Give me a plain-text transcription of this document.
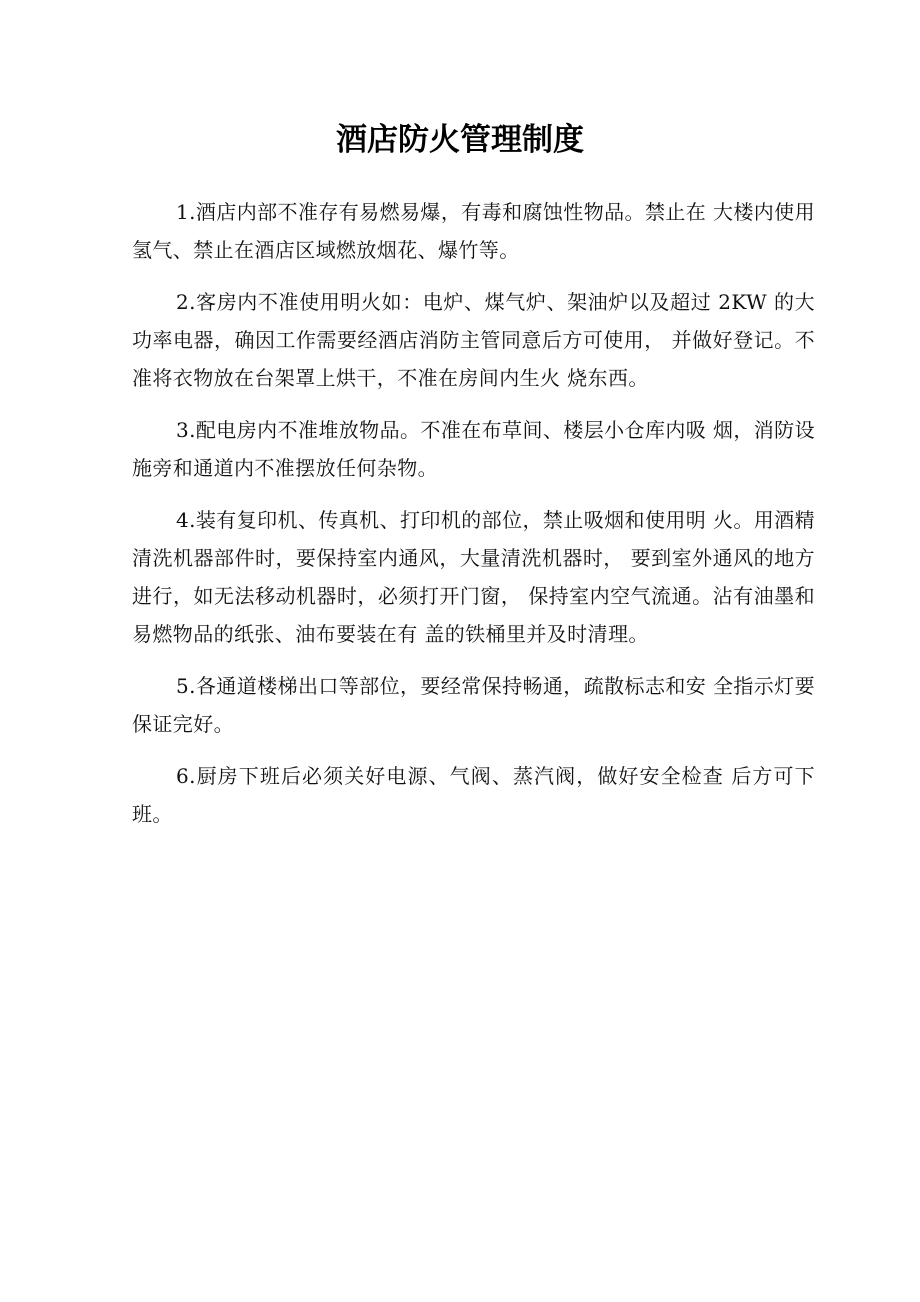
酒店防火管理制度

1.酒店内部不准存有易燃易爆，有毒和腐蚀性物品。禁止在 大楼内使用氢气、禁止在酒店区域燃放烟花、爆竹等。

2.客房内不准使用明火如：电炉、煤气炉、架油炉以及超过 2KW 的大功率电器，确因工作需要经酒店消防主管同意后方可使用， 并做好登记。不准将衣物放在台架罩上烘干，不准在房间内生火 烧东西。

3.配电房内不准堆放物品。不准在布草间、楼层小仓库内吸 烟，消防设施旁和通道内不准摆放任何杂物。

4.装有复印机、传真机、打印机的部位，禁止吸烟和使用明 火。用酒精清洗机器部件时，要保持室内通风，大量清洗机器时， 要到室外通风的地方进行，如无法移动机器时，必须打开门窗， 保持室内空气流通。沾有油墨和易燃物品的纸张、油布要装在有 盖的铁桶里并及时清理。

5.各通道楼梯出口等部位，要经常保持畅通，疏散标志和安 全指示灯要保证完好。

6.厨房下班后必须关好电源、气阀、蒸汽阀，做好安全检查 后方可下班。
